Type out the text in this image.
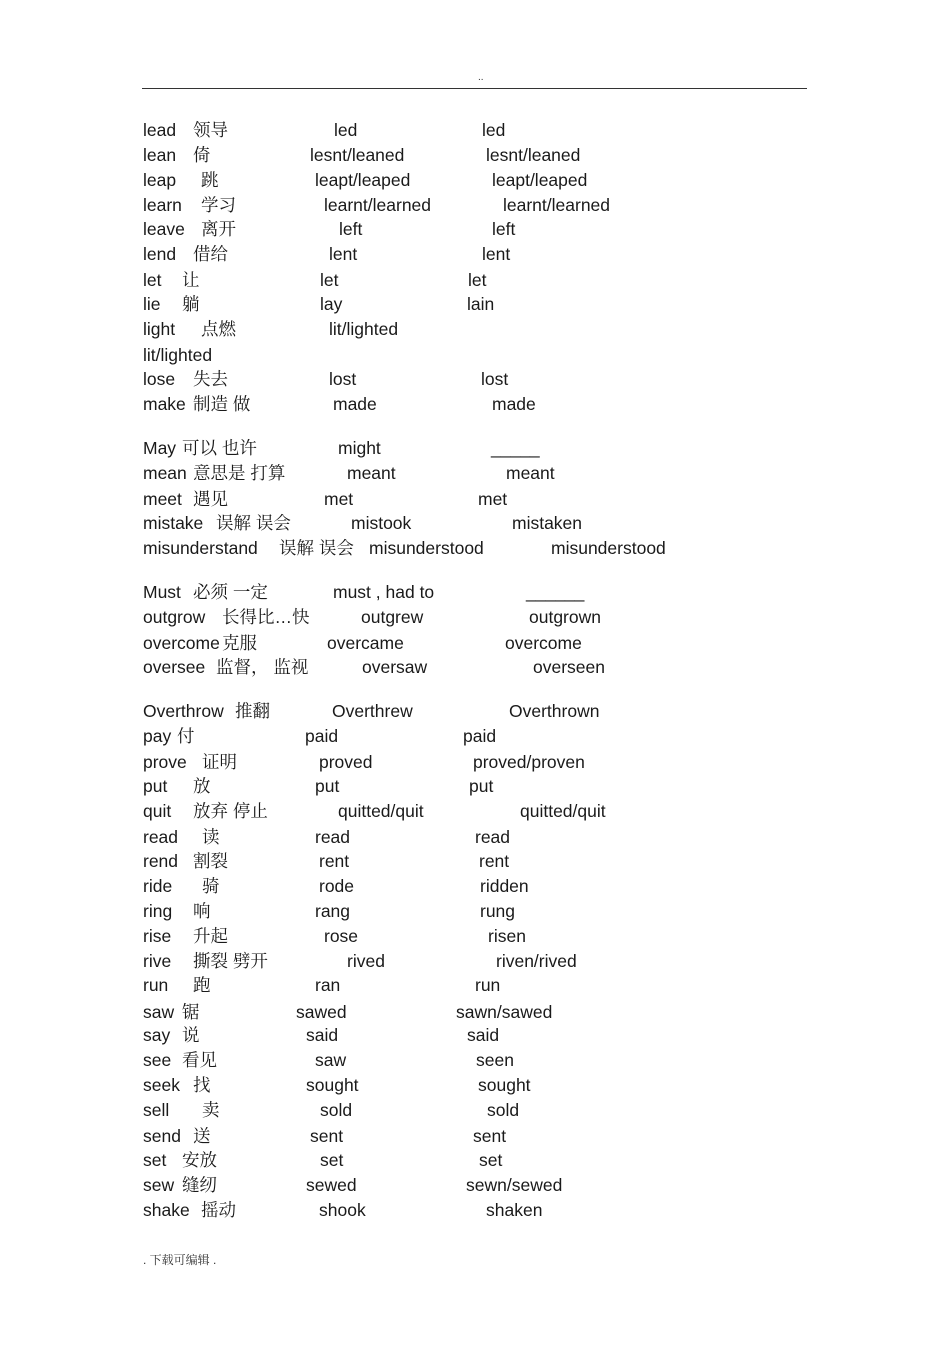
..
lead 领导	led	led
lean 倚	lesnt/leaned	lesnt/leaned
leap 跳	leapt/leaped	leapt/leaped
learn 学习	learnt/learned	learnt/learned
leave 离开	left	left
lend 借给	lent	lent
let 让	let	let
lie 躺	lay	lain
light 点燃	lit/lighted
lit/lighted
lose 失去	lost	lost
make 制造 做	made	made
May 可以 也许	might	_____
mean 意思是 打算	meant	meant
meet 遇见	met	met
mistake 误解 误会	mistook	mistaken
misunderstand 误解 误会 misunderstood	misunderstood
Must 必须 一定	must , had to	______
outgrow 长得比…快	outgrew	outgrown
overcome 克服	overcame	overcome
oversee 监督， 监视	oversaw	overseen
Overthrow 推翻	Overthrew	Overthrown
pay 付	paid	paid
prove 证明	proved	proved/proven
put 放	put	put
quit 放弃 停止	quitted/quit	quitted/quit
read 读	read	read
rend 割裂	rent	rent
ride 骑	rode	ridden
ring 响	rang	rung
rise 升起	rose	risen
rive 撕裂 劈开	rived	riven/rived
run 跑	ran	run
saw 锯	sawed	sawn/sawed
say 说	said	said
see 看见	saw	seen
seek 找	sought	sought
sell 卖	sold	sold
send 送	sent	sent
set 安放	set	set
sew 缝纫	sewed	sewn/sewed
shake 摇动	shook	shaken
. 下载可编辑 .
